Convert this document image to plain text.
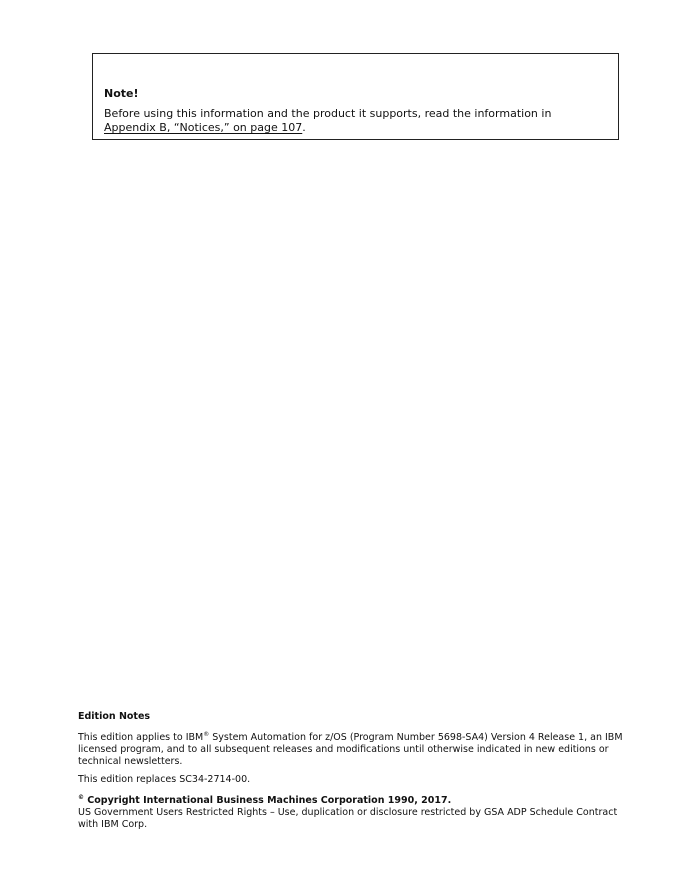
Note!

Before using this information and the product it supports, read the information in Appendix B, “Notices,” on page 107.

Edition Notes

This edition applies to IBM® System Automation for z/OS (Program Number 5698-SA4) Version 4 Release 1, an IBM licensed program, and to all subsequent releases and modifications until otherwise indicated in new editions or technical newsletters.

This edition replaces SC34-2714-00.

© Copyright International Business Machines Corporation 1990, 2017.

US Government Users Restricted Rights – Use, duplication or disclosure restricted by GSA ADP Schedule Contract with IBM Corp.
